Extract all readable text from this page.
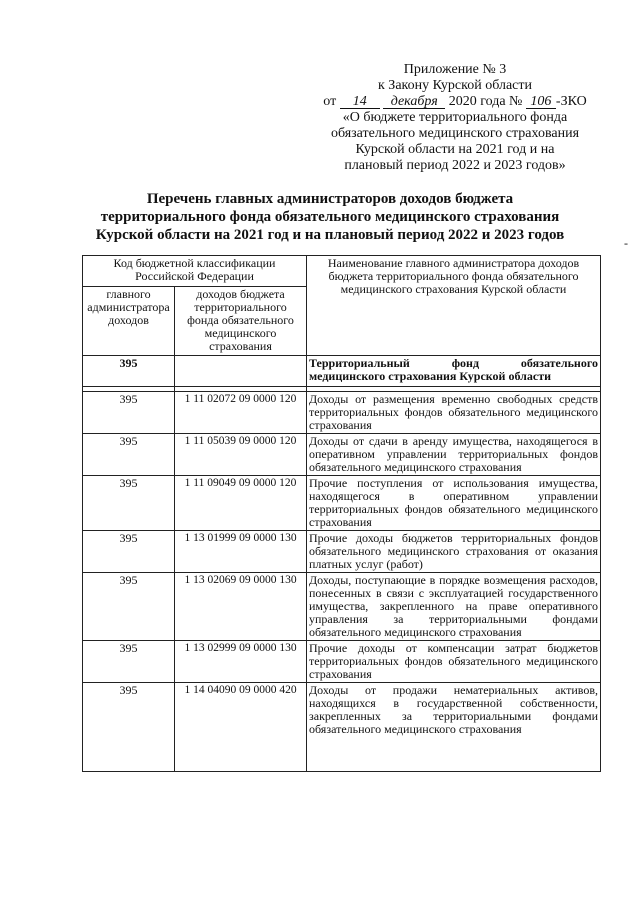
Приложение № 3
к Закону Курской области
от 14 декабря 2020 года № 106 -ЗКО
«О бюджете территориального фонда
обязательного медицинского страхования
Курской области на 2021 год и на
плановый период 2022 и 2023 годов»
Перечень главных администраторов доходов бюджета
территориального фонда обязательного медицинского страхования
Курской области на 2021 год и на плановый период 2022 и 2023 годов	-
Код бюджетной классификации Российской Федерации		Наименование главного администратора доходов бюджета территориального фонда обязательного медицинского страхования Курской области
главного администратора доходов	доходов бюджета территориального фонда обязательного медицинского страхования	
395		Территориальный фонд обязательного медицинского страхования Курской области

395	1 11 02072 09 0000 120	Доходы от размещения временно свободных средств территориальных фондов обязательного медицинского страхования
395	1 11 05039 09 0000 120	Доходы от сдачи в аренду имущества, находящегося в оперативном управлении территориальных фондов обязательного медицинского страхования
395	1 11 09049 09 0000 120	Прочие поступления от использования имущества, находящегося в оперативном управлении территориальных фондов обязательного медицинского страхования
395	1 13 01999 09 0000 130	Прочие доходы бюджетов территориальных фондов обязательного медицинского страхования от оказания платных услуг (работ)
395	1 13 02069 09 0000 130	Доходы, поступающие в порядке возмещения расходов, понесенных в связи с эксплуатацией государственного имущества, закрепленного на праве оперативного управления за территориальными фондами обязательного медицинского страхования
395	1 13 02999 09 0000 130	Прочие доходы от компенсации затрат бюджетов территориальных фондов обязательного медицинского страхования
395	1 14 04090 09 0000 420	Доходы от продажи нематериальных активов, находящихся в государственной собственности, закрепленных за территориальными фондами обязательного медицинского страхования
